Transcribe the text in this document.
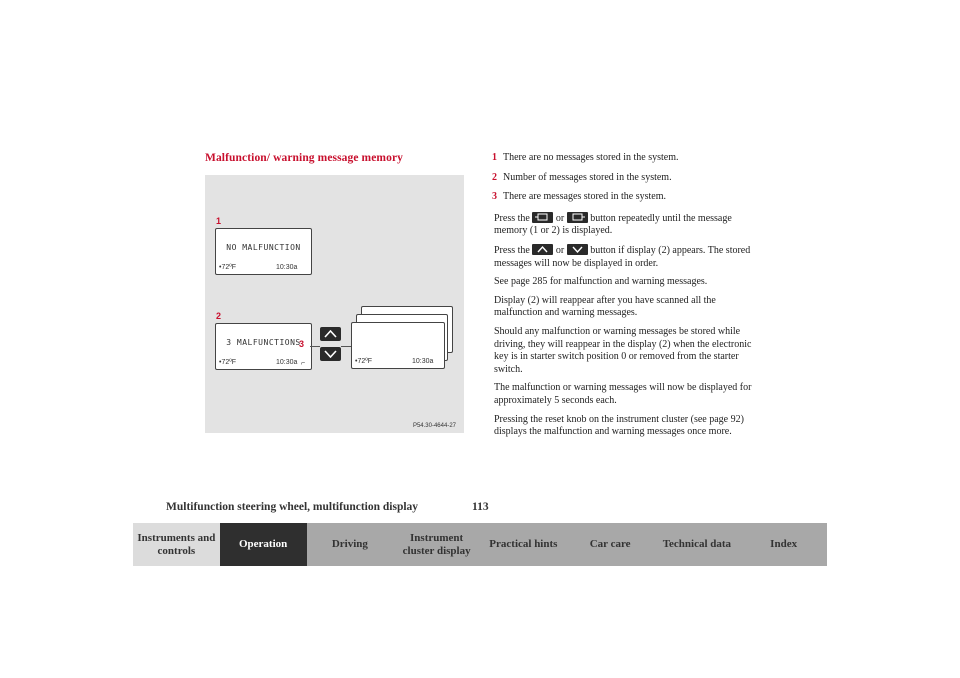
Malfunction/ warning message memory
1
NO MALFUNCTION
•72ºF	10:30a
2
3 MALFUNCTIONS
•72ºF	10:30a ⌐
3
•72ºF	10:30a
P54.30-4644-27
1 There are no messages stored in the system.
2 Number of messages stored in the system.
3 There are messages stored in the system.

Press the	or	button repeatedly until the message memory (1 or 2) is displayed.

Press the	or	button if display (2) appears. The stored messages will now be displayed in order.

See page 285 for malfunction and warning messages.

Display (2) will reappear after you have scanned all the malfunction and warning messages.

Should any malfunction or warning messages be stored while driving, they will reappear in the display (2) when the electronic key is in starter switch position 0 or removed from the starter switch.

The malfunction or warning messages will now be displayed for approximately 5 seconds each.

Pressing the reset knob on the instrument cluster (see page 92) displays the malfunction and warning messages once more.

Multifunction steering wheel, multifunction display	113
Instruments and controls
Operation	Driving
Instrument cluster display
Practical hints	Car care	Technical data	Index
